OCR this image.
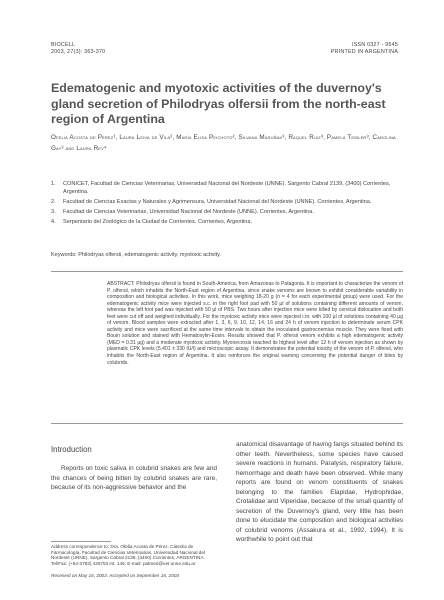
BIOCELL
2003, 27(3): 363-370
ISSN 0327 - 9545
PRINTED IN ARGENTINA
Edematogenic and myotoxic activities of the duvernoy's gland secretion of Philodryas olfersii from the north-east region of Argentina
Ofelia Acosta de Pérez¹, Laura Leiva de Vila², María Elisa Peichoto², Silvana Maruñak³, Raquel Ruiz³, Pamela Teibler³, Carolina Gay³ and Laura Rey⁴
1. CONICET, Facultad de Ciencias Veterinarias, Universidad Nacional del Nordeste (UNNE). Sargento Cabral 2139, (3400) Corrientes, Argentina.
2. Facultad de Ciencias Exactas y Naturales y Agrimensura, Universidad Nacional del Nordeste (UNNE). Corrientes, Argentina.
3. Facultad de Ciencias Veterinarias, Universidad Nacional del Nordeste (UNNE). Corrientes, Argentina.
4. Serpentario del Zoológico de la Ciudad de Corrientes. Corrientes, Argentina.
Keywords: Philodryas olfersii, edematogenic activity, myotoxic activity.
ABSTRACT: Philodryas olfersii is found in South-America, from Amazonas to Patagonia. It is important to characterize the venom of P. olfersii, which inhabits the North-East region of Argentina, since snake venoms are known to exhibit considerable variability in composition and biological activities. In this work, mice weighing 18-20 g (n = 4 for each experimental group) were used. For the edematogenic activity mice were injected s.c. in the right foot pad with 50 µl of solutions containing different amounts of venom, whereas the left foot pad was injected with 50 µl of PBS. Two hours after injection mice were killed by cervical dislocation and both feet were cut off and weighed individually. For the myotoxic activity mice were injected i.m. with 100 µl of solutions containing 40 µg of venom. Blood samples were extracted after 1, 3, 6, 9, 10, 12, 14, 16 and 24 h of venom injection to determinate serum CPK activity and mice were sacrificed at the same time intervals to obtain the inoculated gastrocnemius muscle. They were fixed with Bouin solution and stained with Hematoxylin-Eosin. Results showed that P. olfersii venom exhibits a high edematogenic activity (MED = 0.31 µg) and a moderate myotoxic activity. Myonecrosis reached its highest level after 12 h of venom injection as shown by plasmatic CPK levels (5,401 ± 330 IU/l) and microscopic assay. It demonstrates the potential toxicity of the venom of P. olfersii, who inhabits the North-East region of Argentina. It also reinforces the original warning concerning the potential danger of bites by colubrids.
Introduction
Reports on toxic saliva in colubrid snakes are few and the chances of being bitten by colubrid snakes are rare, because of its non-aggressive behavior and the
anatomical disavantage of having fangs situated behind its other teeth. Nevertheless, some species have caused severe reactions in humans. Paralysis, respiratory failure, hemorrhage and death have been observed. While many reports are found on venom constituents of snakes belonging to the families Elapidae, Hydrophidae, Crotalidae and Viperidae, because of the small quantity of secretion of the Duvernoy's gland, very little has been done to elucidate the composition and biological activities of colubrid venoms (Assakura et al., 1992, 1994). It is worthwhile to point out that
Address correspondence to: Dra. Ofelia Acosta de Pérez. Cátedra de Farmacología. Facultad de Ciencias Veterinarias, Universidad Nacional del Nordeste (UNNE). Sargento Cabral 2139, (3400) Corrientes, ARGENTINA. Tel/Fax: (+54-3783) 425753 int. 146; E-mail: patmed@vet.unne.edu.ar
Received on May 16, 2003. Accepted on September 16, 2003
